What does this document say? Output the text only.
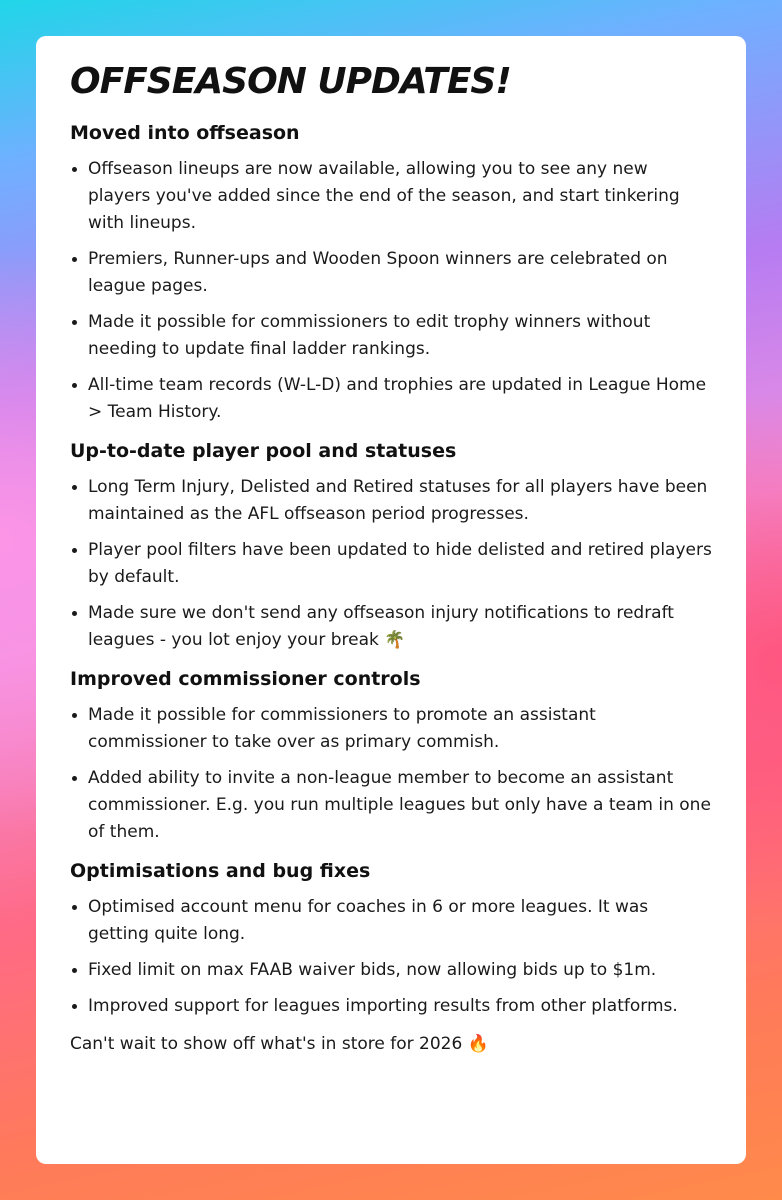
OFFSEASON UPDATES!
Moved into offseason
Offseason lineups are now available, allowing you to see any new players you've added since the end of the season, and start tinkering with lineups.
Premiers, Runner-ups and Wooden Spoon winners are celebrated on league pages.
Made it possible for commissioners to edit trophy winners without needing to update final ladder rankings.
All-time team records (W-L-D) and trophies are updated in League Home > Team History.
Up-to-date player pool and statuses
Long Term Injury, Delisted and Retired statuses for all players have been maintained as the AFL offseason period progresses.
Player pool filters have been updated to hide delisted and retired players by default.
Made sure we don't send any offseason injury notifications to redraft leagues - you lot enjoy your break 🌴
Improved commissioner controls
Made it possible for commissioners to promote an assistant commissioner to take over as primary commish.
Added ability to invite a non-league member to become an assistant commissioner. E.g. you run multiple leagues but only have a team in one of them.
Optimisations and bug fixes
Optimised account menu for coaches in 6 or more leagues. It was getting quite long.
Fixed limit on max FAAB waiver bids, now allowing bids up to $1m.
Improved support for leagues importing results from other platforms.

Can't wait to show off what's in store for 2026 🔥
